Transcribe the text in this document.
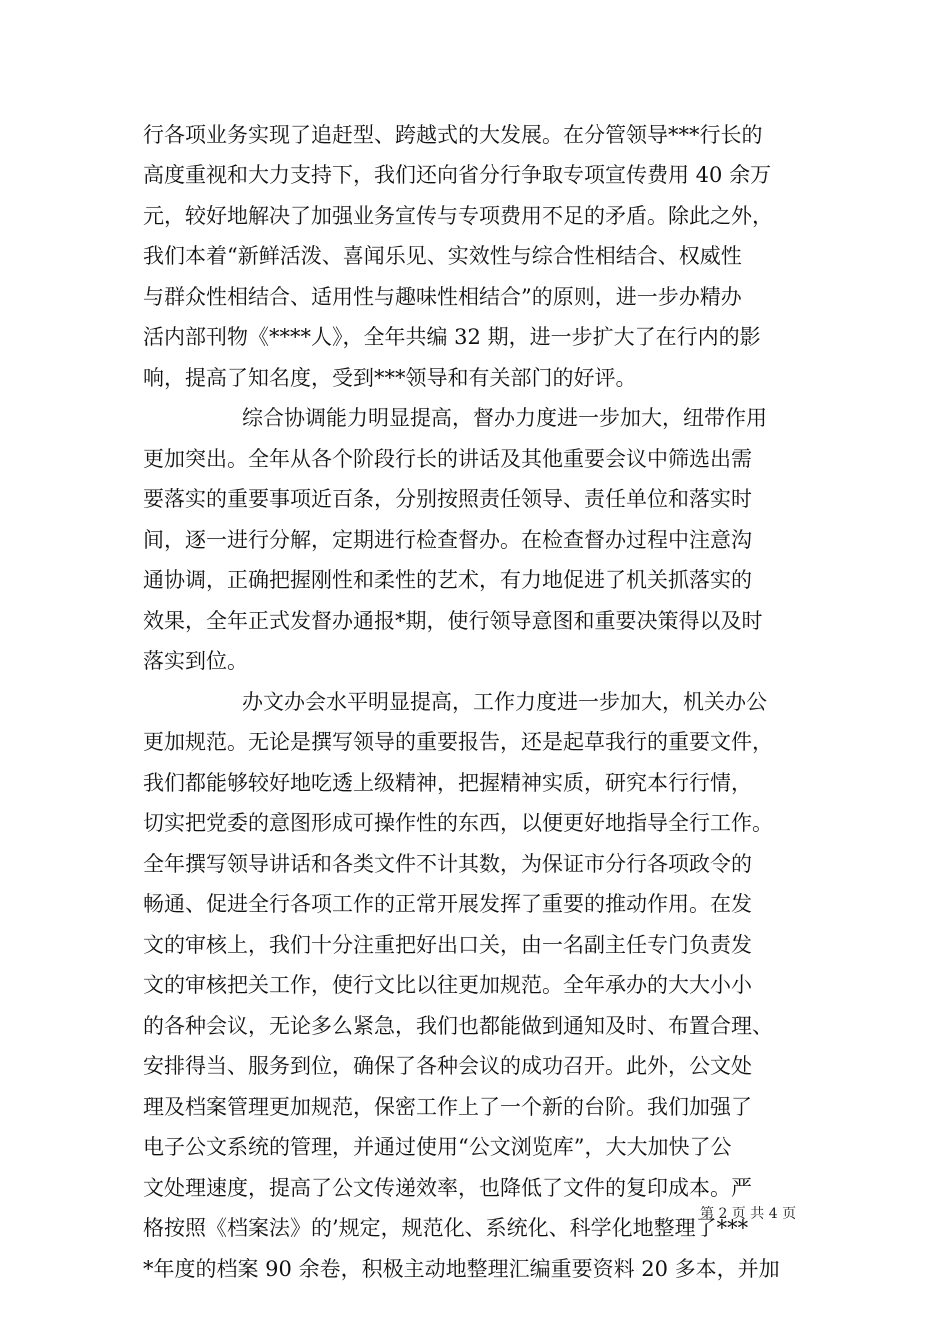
行各项业务实现了追赶型、跨越式的大发展。在分管领导***行长的
高度重视和大力支持下，我们还向省分行争取专项宣传费用 40 余万
元，较好地解决了加强业务宣传与专项费用不足的矛盾。除此之外，
我们本着“新鲜活泼、喜闻乐见、实效性与综合性相结合、权威性
与群众性相结合、适用性与趣味性相结合”的原则，进一步办精办
活内部刊物《****人》，全年共编 32 期，进一步扩大了在行内的影
响，提高了知名度，受到***领导和有关部门的好评。
综合协调能力明显提高，督办力度进一步加大，纽带作用
更加突出。全年从各个阶段行长的讲话及其他重要会议中筛选出需
要落实的重要事项近百条，分别按照责任领导、责任单位和落实时
间，逐一进行分解，定期进行检查督办。在检查督办过程中注意沟
通协调，正确把握刚性和柔性的艺术，有力地促进了机关抓落实的
效果，全年正式发督办通报*期，使行领导意图和重要决策得以及时
落实到位。
办文办会水平明显提高，工作力度进一步加大，机关办公
更加规范。无论是撰写领导的重要报告，还是起草我行的重要文件，
我们都能够较好地吃透上级精神，把握精神实质，研究本行行情，
切实把党委的意图形成可操作性的东西，以便更好地指导全行工作。
全年撰写领导讲话和各类文件不计其数，为保证市分行各项政令的
畅通、促进全行各项工作的正常开展发挥了重要的推动作用。在发
文的审核上，我们十分注重把好出口关，由一名副主任专门负责发
文的审核把关工作，使行文比以往更加规范。全年承办的大大小小
的各种会议，无论多么紧急，我们也都能做到通知及时、布置合理、
安排得当、服务到位，确保了各种会议的成功召开。此外，公文处
理及档案管理更加规范，保密工作上了一个新的台阶。我们加强了
电子公文系统的管理，并通过使用“公文浏览库”，大大加快了公
文处理速度，提高了公文传递效率，也降低了文件的复印成本。严
格按照《档案法》的’规定，规范化、系统化、科学化地整理了***
*年度的档案 90 余卷，积极主动地整理汇编重要资料 20 多本，并加
第 2 页 共 4 页
